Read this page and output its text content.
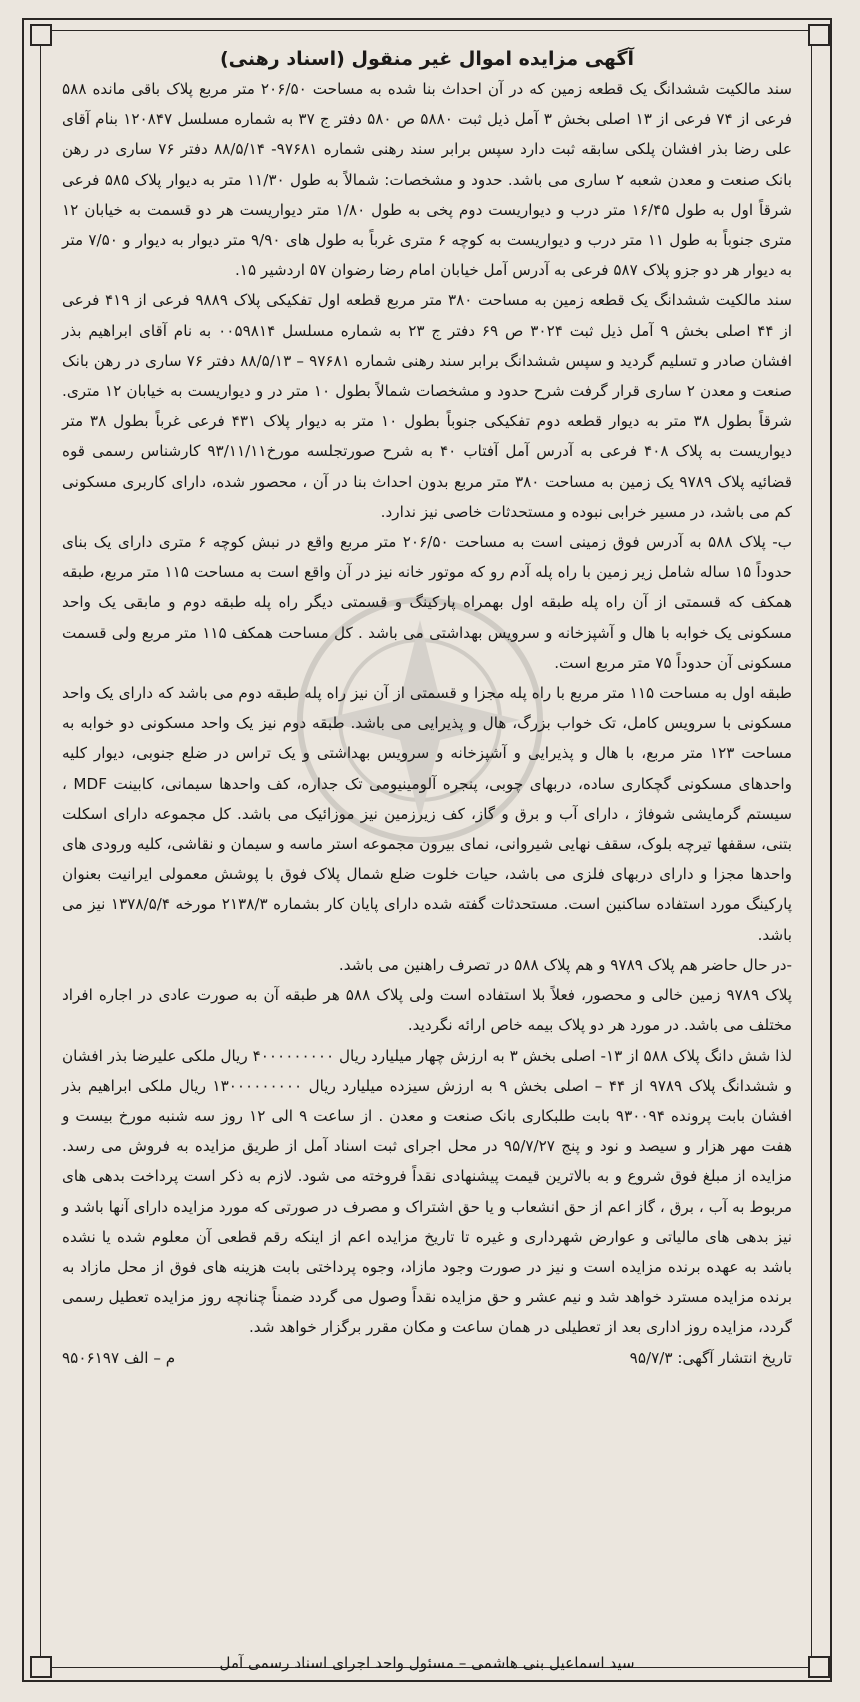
آگهی مزایده اموال غیر منقول (اسناد رهنی)

سند مالکیت ششدانگ یک قطعه زمین که در آن احداث بنا شده به مساحت ۲۰۶/۵۰ متر مربع پلاک باقی مانده ۵۸۸ فرعی از ۷۴ فرعی از ۱۳ اصلی بخش ۳ آمل ذیل ثبت ۵۸۸۰ ص ۵۸۰ دفتر ج ۳۷ به شماره مسلسل ۱۲۰۸۴۷ بنام آقای علی رضا بذر افشان پلکی سابقه ثبت دارد سپس برابر سند رهنی شماره ۹۷۶۸۱- ۸۸/۵/۱۴ دفتر ۷۶ ساری در رهن بانک صنعت و معدن شعبه ۲ ساری می باشد. حدود و مشخصات: شمالاً به طول ۱۱/۳۰ متر به دیوار پلاک ۵۸۵ فرعی شرقاً اول به طول ۱۶/۴۵ متر درب و دیواریست دوم پخی به طول ۱/۸۰ متر دیواریست هر دو قسمت به خیابان ۱۲ متری جنوباً به طول ۱۱ متر درب و دیواریست به کوچه ۶ متری غرباً به طول های ۹/۹۰ متر دیوار به دیوار و ۷/۵۰ متر به دیوار هر دو جزو پلاک ۵۸۷ فرعی به آدرس آمل خیابان امام رضا رضوان ۵۷ اردشیر ۱۵.

سند مالکیت ششدانگ یک قطعه زمین به مساحت ۳۸۰ متر مربع قطعه اول تفکیکی پلاک ۹۸۸۹ فرعی از ۴۱۹ فرعی از ۴۴ اصلی بخش ۹ آمل ذیل ثبت ۳۰۲۴ ص ۶۹ دفتر ج ۲۳ به شماره مسلسل ۰۰۵۹۸۱۴ به نام آقای ابراهیم بذر افشان صادر و تسلیم گردید و سپس ششدانگ برابر سند رهنی شماره ۹۷۶۸۱ – ۸۸/۵/۱۳ دفتر ۷۶ ساری در رهن بانک صنعت و معدن ۲ ساری قرار گرفت شرح حدود و مشخصات شمالاً بطول ۱۰ متر در و دیواریست به خیابان ۱۲ متری. شرقاً بطول ۳۸ متر به دیوار قطعه دوم تفکیکی جنوباً بطول ۱۰ متر به دیوار پلاک ۴۳۱ فرعی غرباً بطول ۳۸ متر دیواریست به پلاک ۴۰۸ فرعی به آدرس آمل آفتاب ۴۰ به شرح صورتجلسه مورخ۹۳/۱۱/۱۱ کارشناس رسمی قوه قضائیه پلاک ۹۷۸۹ یک زمین به مساحت ۳۸۰ متر مربع بدون احداث بنا در آن ، محصور شده، دارای کاربری مسکونی کم می باشد، در مسیر خرابی نبوده و مستحدثات خاصی نیز ندارد.

ب- پلاک ۵۸۸ به آدرس فوق زمینی است به مساحت ۲۰۶/۵۰ متر مربع واقع در نبش کوچه ۶ متری دارای یک بنای حدوداً ۱۵ ساله شامل زیر زمین با راه پله آدم رو که موتور خانه نیز در آن واقع است به مساحت ۱۱۵ متر مربع، طبقه همکف که قسمتی از آن راه پله طبقه اول بهمراه پارکینگ و قسمتی دیگر راه پله طبقه دوم و مابقی یک واحد مسکونی یک خوابه با هال و آشپزخانه و سرویس بهداشتی می باشد . کل مساحت همکف ۱۱۵ متر مربع ولی قسمت مسکونی آن حدوداً ۷۵ متر مربع است.

طبقه اول به مساحت ۱۱۵ متر مربع با راه پله مجزا و قسمتی از آن نیز راه پله طبقه دوم می باشد که دارای یک واحد مسکونی با سرویس کامل، تک خواب بزرگ، هال و پذیرایی می باشد. طبقه دوم نیز یک واحد مسکونی دو خوابه به مساحت ۱۲۳ متر مربع، با هال و پذیرایی و آشپزخانه و سرویس بهداشتی و یک تراس در ضلع جنوبی، دیوار کلیه واحدهای مسکونی گچکاری ساده، دربهای چوبی، پنجره آلومینیومی تک جداره، کف واحدها سیمانی، کابینت MDF ، سیستم گرمایشی شوفاژ ، دارای آب و برق و گاز، کف زیرزمین نیز موزائیک می باشد. کل مجموعه دارای اسکلت بتنی، سقفها تیرچه بلوک، سقف نهایی شیروانی، نمای بیرون مجموعه استر ماسه و سیمان و نقاشی، کلیه ورودی های واحدها مجزا و دارای دربهای فلزی می باشد، حیات خلوت ضلع شمال پلاک فوق با پوشش معمولی ایرانیت بعنوان پارکینگ مورد استفاده ساکنین است. مستحدثات گفته شده دارای پایان کار بشماره ۲۱۳۸/۳ مورخه ۱۳۷۸/۵/۴ نیز می باشد.

-در حال حاضر هم پلاک ۹۷۸۹ و هم پلاک ۵۸۸ در تصرف راهنین می باشد.

پلاک ۹۷۸۹ زمین خالی و محصور، فعلاً بلا استفاده است ولی پلاک ۵۸۸ هر طبقه آن به صورت عادی در اجاره افراد مختلف می باشد. در مورد هر دو پلاک بیمه خاص ارائه نگردید.

لذا شش دانگ پلاک ۵۸۸ از ۱۳- اصلی بخش ۳ به ارزش چهار میلیارد ریال ۴۰۰۰۰۰۰۰۰۰ ریال ملکی علیرضا بذر افشان و ششدانگ پلاک ۹۷۸۹ از ۴۴ – اصلی بخش ۹ به ارزش سیزده میلیارد ریال ۱۳۰۰۰۰۰۰۰۰۰ ریال ملکی ابراهیم بذر افشان بابت پرونده ۹۳۰۰۹۴ بابت طلبکاری بانک صنعت و معدن . از ساعت ۹ الی ۱۲ روز سه شنبه مورخ بیست و هفت مهر هزار و سیصد و نود و پنج ۹۵/۷/۲۷ در محل اجرای ثبت اسناد آمل از طریق مزایده به فروش می رسد. مزایده از مبلغ فوق شروع و به بالاترین قیمت پیشنهادی نقداً فروخته می شود. لازم به ذکر است پرداخت بدهی های مربوط به آب ، برق ، گاز اعم از حق انشعاب و یا حق اشتراک و مصرف در صورتی که مورد مزایده دارای آنها باشد و نیز بدهی های مالیاتی و عوارض شهرداری و غیره تا تاریخ مزایده اعم از اینکه رقم قطعی آن معلوم شده یا نشده باشد به عهده برنده مزایده است و نیز در صورت وجود مازاد، وجوه پرداختی بابت هزینه های فوق از محل مازاد به برنده مزایده مسترد خواهد شد و نیم عشر و حق مزایده نقداً وصول می گردد ضمناً چنانچه روز مزایده تعطیل رسمی گردد، مزایده روز اداری بعد از تعطیلی در همان ساعت و مکان مقرر برگزار خواهد شد.

تاریخ انتشار آگهی: ۹۵/۷/۳
م – الف ۹۵۰۶۱۹۷
سید اسماعیل بنی هاشمی – مسئول واحد اجرای اسناد رسمی آمل
